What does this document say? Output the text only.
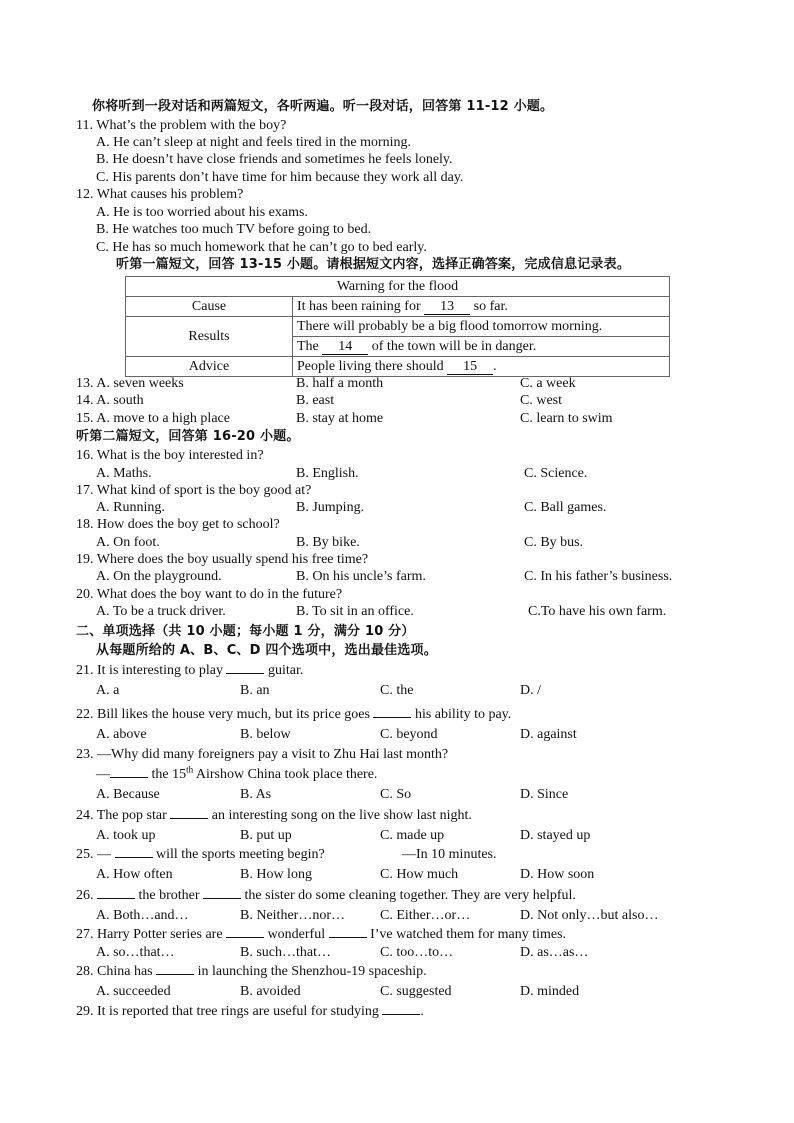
你将听到一段对话和两篇短文，各听两遍。听一段对话，回答第 11-12 小题。
11. What’s the problem with the boy?
A. He can’t sleep at night and feels tired in the morning.
B. He doesn’t have close friends and sometimes he feels lonely.
C. His parents don’t have time for him because they work all day.
12. What causes his problem?
A. He is too worried about his exams.
B. He watches too much TV before going to bed.
C. He has so much homework that he can’t go to bed early.
听第一篇短文，回答 13-15 小题。请根据短文内容，选择正确答案，完成信息记录表。
Warning for the flood	
Cause	It has been raining for 13 so far.
Results	There will probably be a big flood tomorrow morning.
	The 14 of the town will be in danger.
Advice	People living there should 15 .
13. A. seven weeks	B. half a month	C. a week
14. A. south	B. east	C. west
15. A. move to a high place	B. stay at home	C. learn to swim
听第二篇短文，回答第 16-20 小题。
16. What is the boy interested in?
A. Maths.	B. English.	C. Science.
17. What kind of sport is the boy good at?
A. Running.	B. Jumping.	C. Ball games.
18. How does the boy get to school?
A. On foot.	B. By bike.	C. By bus.
19. Where does the boy usually spend his free time?
A. On the playground.	B. On his uncle’s farm.	C. In his father’s business.
20. What does the boy want to do in the future?
A. To be a truck driver.	B. To sit in an office.	C.To have his own farm.
二、单项选择（共 10 小题；每小题 1 分，满分 10 分）
从每题所给的 A、B、C、D 四个选项中，选出最佳选项。
21. It is interesting to play	guitar.
A. a	B. an	C. the	D. /
22. Bill likes the house very much, but its price goes	his ability to pay.
A. above	B. below	C. beyond	D. against
23. —Why did many foreigners pay a visit to Zhu Hai last month?
—	the 15th Airshow China took place there.
A. Because	B. As	C. So	D. Since
24. The pop star	an interesting song on the live show last night.
A. took up	B. put up	C. made up	D. stayed up
25. —	will the sports meeting begin?	—In 10 minutes.
A. How often	B. How long	C. How much	D. How soon
26.	the brother	the sister do some cleaning together. They are very helpful.
A. Both…and…	B. Neither…nor…	C. Either…or…	D. Not only…but also…
27. Harry Potter series are	wonderful	I’ve watched them for many times.
A. so…that…	B. such…that…	C. too…to…	D. as…as…
28. China has	in launching the Shenzhou-19 spaceship.
A. succeeded	B. avoided	C. suggested	D. minded
29. It is reported that tree rings are useful for studying	.
